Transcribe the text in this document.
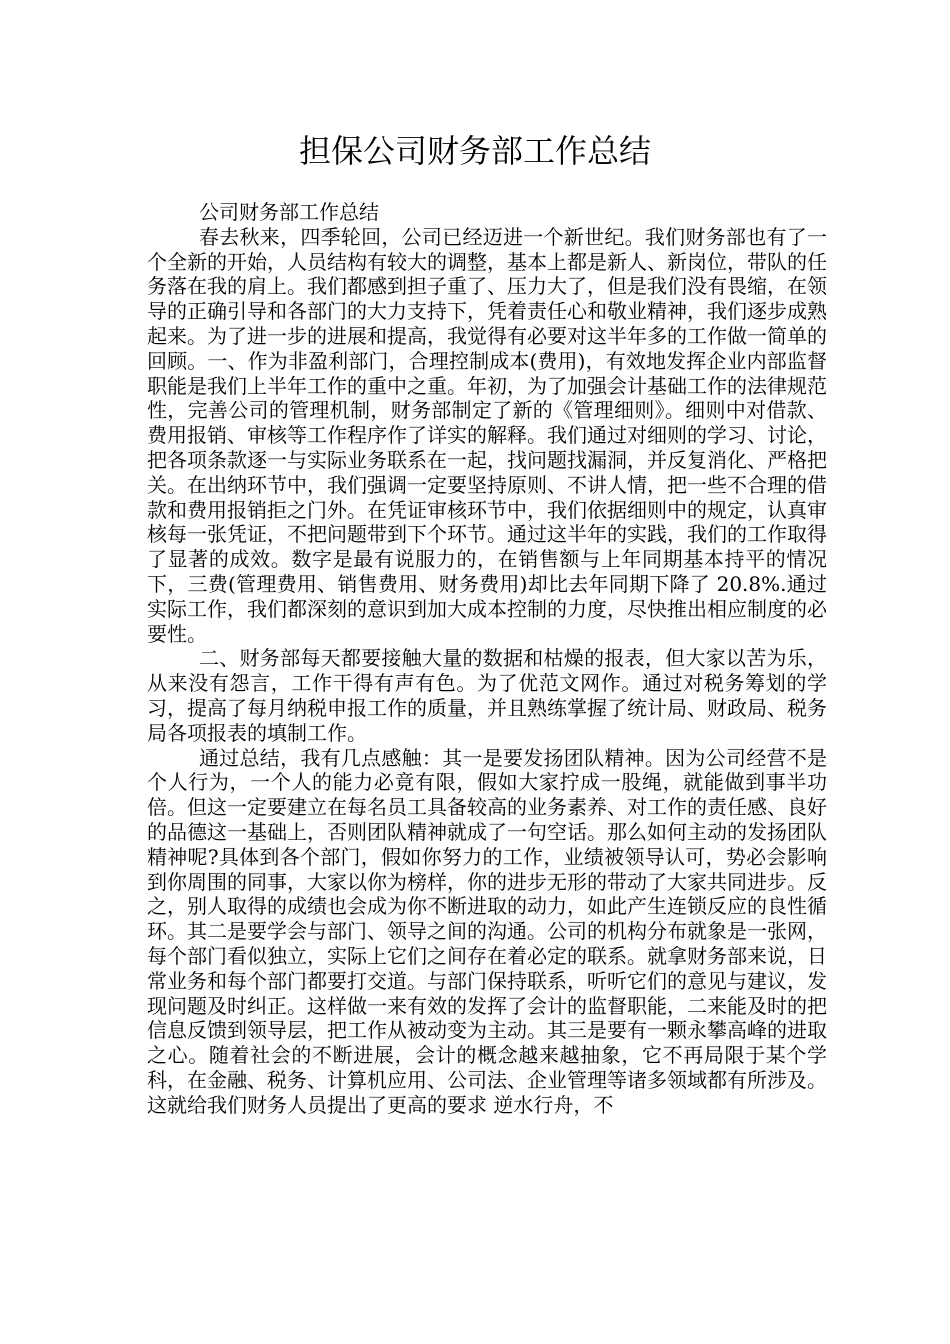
担保公司财务部工作总结

公司财务部工作总结

春去秋来，四季轮回，公司已经迈进一个新世纪。我们财务部也有了一个全新的开始，人员结构有较大的调整，基本上都是新人、新岗位，带队的任务落在我的肩上。我们都感到担子重了、压力大了，但是我们没有畏缩，在领导的正确引导和各部门的大力支持下，凭着责任心和敬业精神，我们逐步成熟起来。为了进一步的进展和提高，我觉得有必要对这半年多的工作做一简单的回顾。一、作为非盈利部门，合理控制成本(费用)，有效地发挥企业内部监督职能是我们上半年工作的重中之重。年初，为了加强会计基础工作的法律规范性，完善公司的管理机制，财务部制定了新的《管理细则》。细则中对借款、费用报销、审核等工作程序作了详实的解释。我们通过对细则的学习、讨论，把各项条款逐一与实际业务联系在一起，找问题找漏洞，并反复消化、严格把关。在出纳环节中，我们强调一定要坚持原则、不讲人情，把一些不合理的借款和费用报销拒之门外。在凭证审核环节中，我们依据细则中的规定，认真审核每一张凭证，不把问题带到下个环节。通过这半年的实践，我们的工作取得了显著的成效。数字是最有说服力的，在销售额与上年同期基本持平的情况下，三费(管理费用、销售费用、财务费用)却比去年同期下降了 20.8%.通过实际工作，我们都深刻的意识到加大成本控制的力度，尽快推出相应制度的必要性。

二、财务部每天都要接触大量的数据和枯燥的报表，但大家以苦为乐，从来没有怨言，工作干得有声有色。为了优范文网作。通过对税务筹划的学习，提高了每月纳税申报工作的质量，并且熟练掌握了统计局、财政局、税务局各项报表的填制工作。

通过总结，我有几点感触：其一是要发扬团队精神。因为公司经营不是个人行为，一个人的能力必竟有限，假如大家拧成一股绳，就能做到事半功倍。但这一定要建立在每名员工具备较高的业务素养、对工作的责任感、良好的品德这一基础上，否则团队精神就成了一句空话。那么如何主动的发扬团队精神呢?具体到各个部门，假如你努力的工作，业绩被领导认可，势必会影响到你周围的同事，大家以你为榜样，你的进步无形的带动了大家共同进步。反之，别人取得的成绩也会成为你不断进取的动力，如此产生连锁反应的良性循环。其二是要学会与部门、领导之间的沟通。公司的机构分布就象是一张网，每个部门看似独立，实际上它们之间存在着必定的联系。就拿财务部来说，日常业务和每个部门都要打交道。与部门保持联系，听听它们的意见与建议，发现问题及时纠正。这样做一来有效的发挥了会计的监督职能，二来能及时的把信息反馈到领导层，把工作从被动变为主动。其三是要有一颗永攀高峰的进取之心。随着社会的不断进展，会计的概念越来越抽象，它不再局限于某个学科，在金融、税务、计算机应用、公司法、企业管理等诸多领域都有所涉及。这就给我们财务人员提出了更高的要求 逆水行舟，不
